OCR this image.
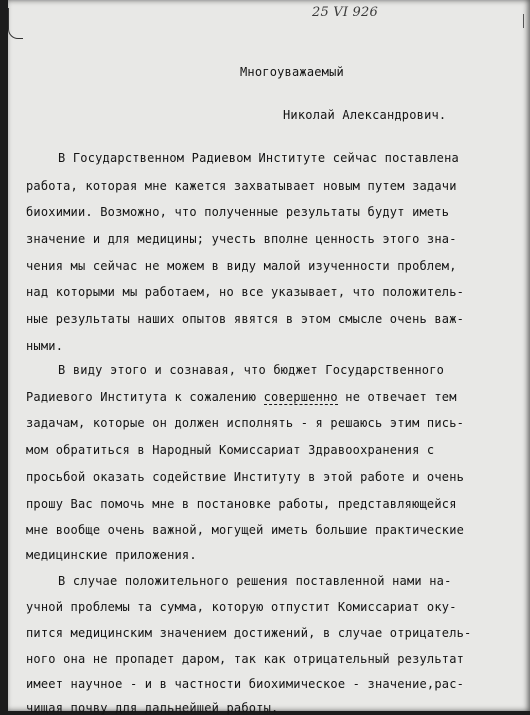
25 VI 926
Многоуважаемый
Николай Александрович.
В Государственном Радиевом Институте сейчас поставлена
работа, которая мне кажется захватывает новым путем задачи
биохимии. Возможно, что полученные результаты будут иметь
значение и для медицины; учесть вполне ценность этого зна-
чения мы сейчас не можем в виду малой изученности проблем,
над которыми мы работаем, но все указывает, что положитель-
ные результаты наших опытов явятся в этом смысле очень важ-
ными.
В виду этого и сознавая, что бюджет Государственного
Радиевого Института к сожалению совершенно не отвечает тем
задачам, которые он должен исполнять - я решаюсь этим пись-
мом обратиться в Народный Комиссариат Здравоохранения с
просьбой оказать содействие Институту в этой работе и очень
прошу Вас помочь мне в постановке работы, представляющейся
мне вообще очень важной, могущей иметь большие практические
медицинские приложения.
В случае положительного решения поставленной нами на-
учной проблемы та сумма, которую отпустит Комиссариат оку-
пится медицинским значением достижений, в случае отрицатель-
ного она не пропадет даром, так как отрицательный результат
имеет научное - и в частности биохимическое - значение,рас-
чищая почву для дальнейшей работы.
